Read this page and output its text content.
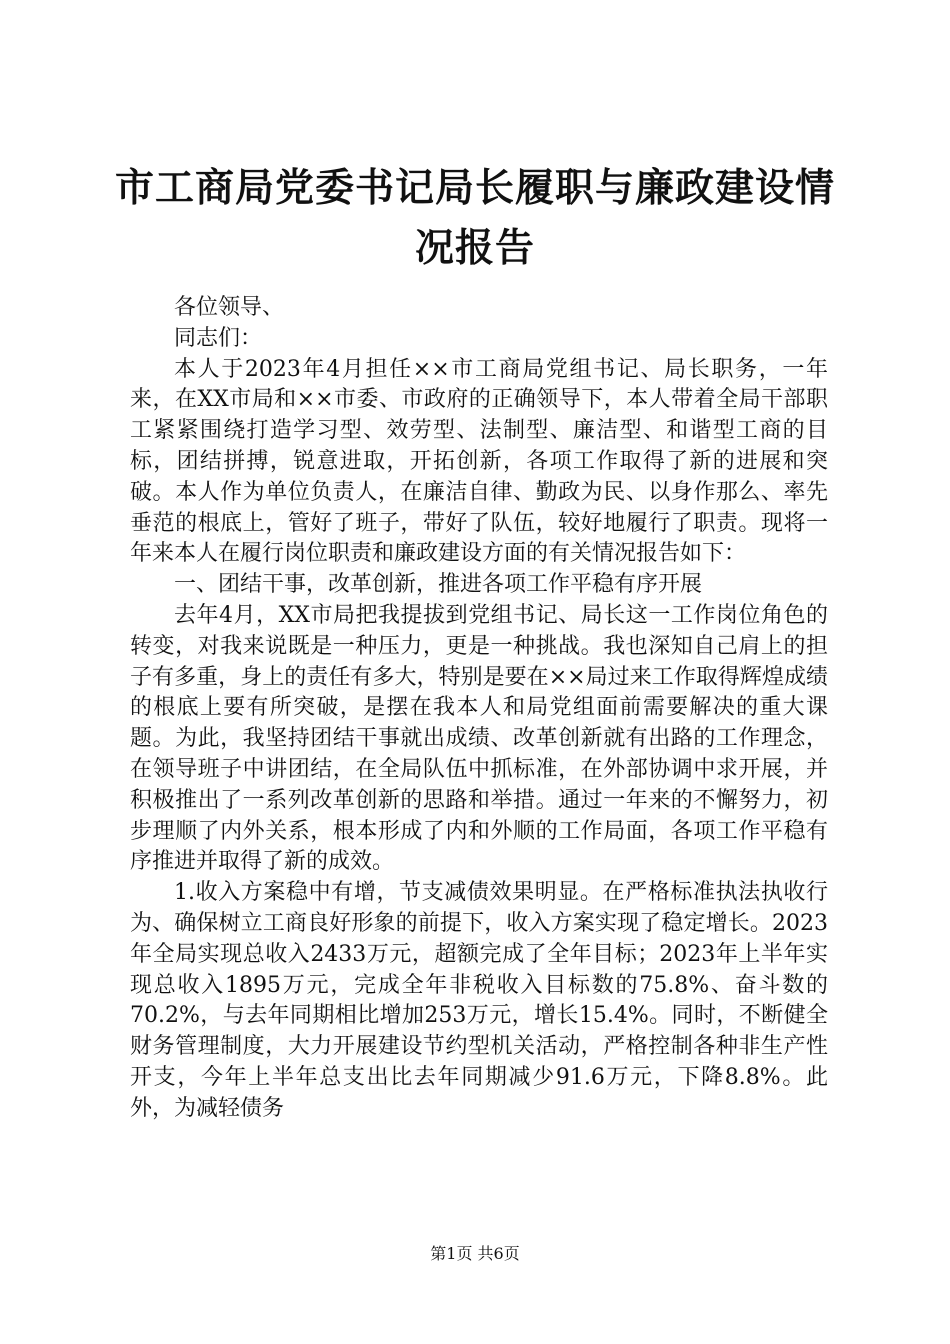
市工商局党委书记局长履职与廉政建设情况报告

各位领导、

同志们：

本人于2023年4月担任××市工商局党组书记、局长职务，一年来，在XX市局和××市委、市政府的正确领导下，本人带着全局干部职工紧紧围绕打造学习型、效劳型、法制型、廉洁型、和谐型工商的目标，团结拼搏，锐意进取，开拓创新，各项工作取得了新的进展和突破。本人作为单位负责人，在廉洁自律、勤政为民、以身作那么、率先垂范的根底上，管好了班子，带好了队伍，较好地履行了职责。现将一年来本人在履行岗位职责和廉政建设方面的有关情况报告如下：

一、团结干事，改革创新，推进各项工作平稳有序开展

去年4月，XX市局把我提拔到党组书记、局长这一工作岗位角色的转变，对我来说既是一种压力，更是一种挑战。我也深知自己肩上的担子有多重，身上的责任有多大，特别是要在××局过来工作取得辉煌成绩的根底上要有所突破，是摆在我本人和局党组面前需要解决的重大课题。为此，我坚持团结干事就出成绩、改革创新就有出路的工作理念，在领导班子中讲团结，在全局队伍中抓标准，在外部协调中求开展，并积极推出了一系列改革创新的思路和举措。通过一年来的不懈努力，初步理顺了内外关系，根本形成了内和外顺的工作局面，各项工作平稳有序推进并取得了新的成效。

1.收入方案稳中有增，节支减债效果明显。在严格标准执法执收行为、确保树立工商良好形象的前提下，收入方案实现了稳定增长。2023年全局实现总收入2433万元，超额完成了全年目标；2023年上半年实现总收入1895万元，完成全年非税收入目标数的75.8%、奋斗数的70.2%，与去年同期相比增加253万元，增长15.4%。同时，不断健全财务管理制度，大力开展建设节约型机关活动，严格控制各种非生产性开支，今年上半年总支出比去年同期减少91.6万元，下降8.8%。此外，为减轻债务

第1页 共6页
